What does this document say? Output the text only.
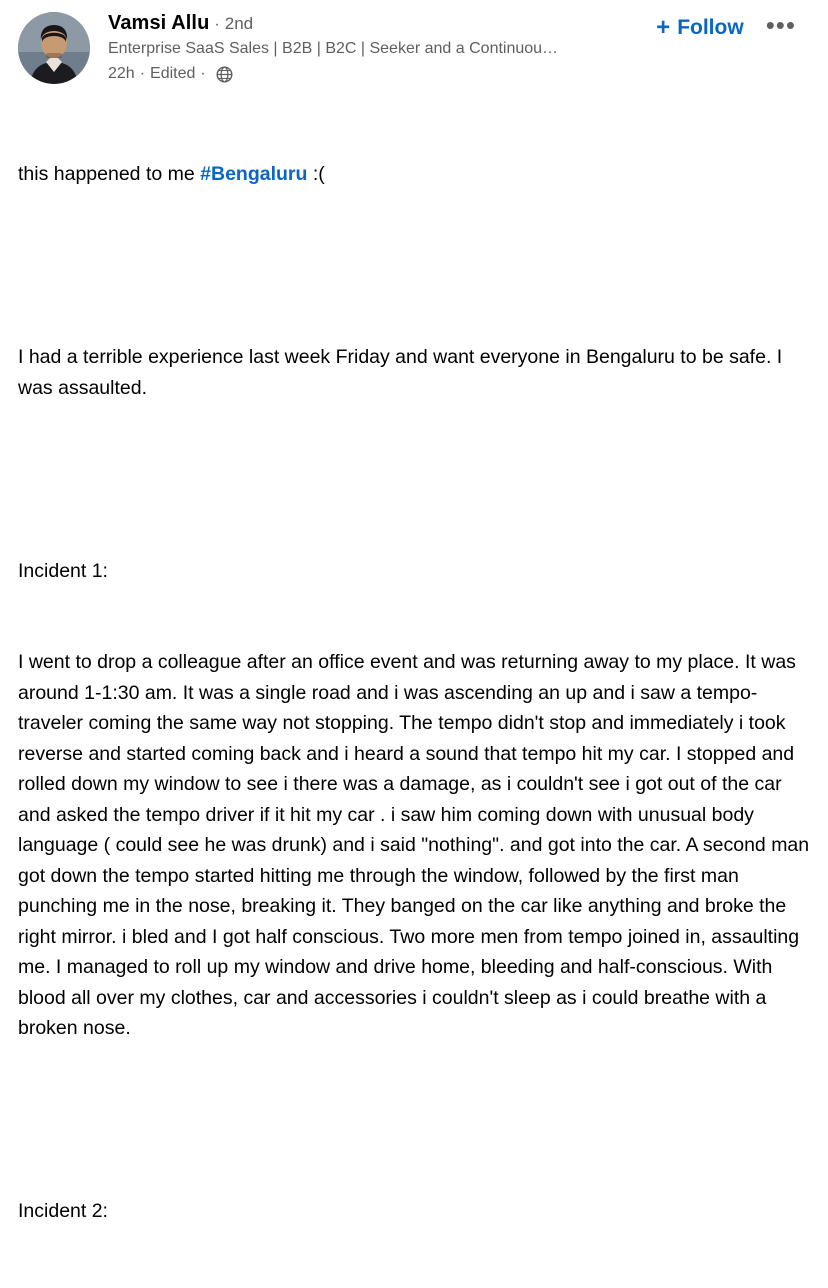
Vamsi Allu · 2nd
Enterprise SaaS Sales | B2B | B2C | Seeker and a Continuou…
22h · Edited ·
+ Follow •••

this happened to me #Bengaluru :(

I had a terrible experience last week Friday and want everyone in Bengaluru to be safe. I was assaulted.

Incident 1:

I went to drop a colleague after an office event and was returning away to my place. It was around 1-1:30 am. It was a single road and i was ascending an up and i saw a tempo-traveler coming the same way not stopping. The tempo didn't stop and immediately i took reverse and started coming back and i heard a sound that tempo hit my car. I stopped and rolled down my window to see i there was a damage, as i couldn't see i got out of the car and asked the tempo driver if it hit my car . i saw him coming down with unusual body language ( could see he was drunk) and i said "nothing". and got into the car. A second man got down the tempo started hitting me through the window, followed by the first man punching me in the nose, breaking it. They banged on the car like anything and broke the right mirror. i bled and I got half conscious. Two more men from tempo joined in, assaulting me. I managed to roll up my window and drive home, bleeding and half-conscious. With blood all over my clothes, car and accessories i couldn't sleep as i could breathe with a broken nose.

Incident 2:
